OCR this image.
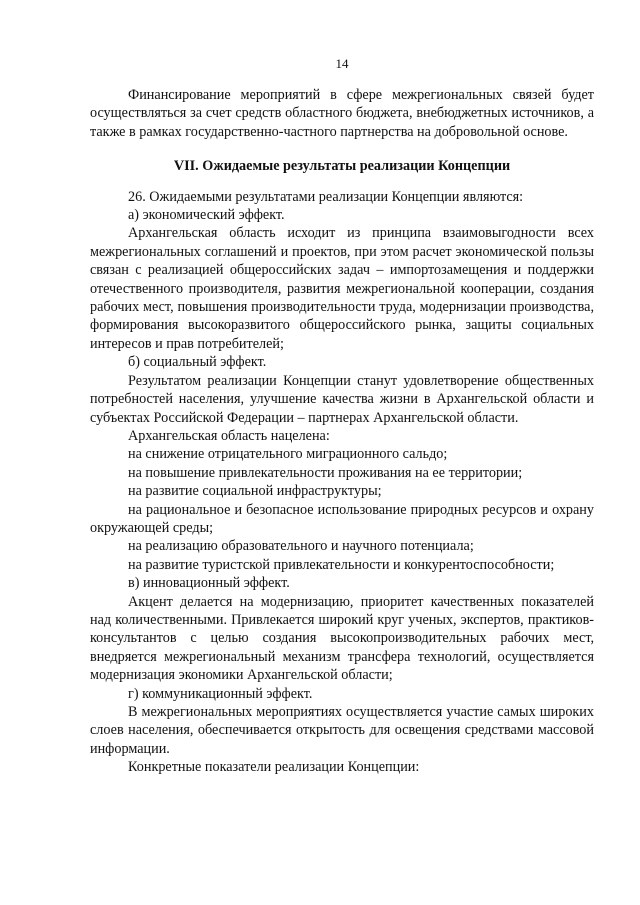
14

Финансирование мероприятий в сфере межрегиональных связей будет осуществляться за счет средств областного бюджета, внебюджетных источников, а также в рамках государственно-частного партнерства на добровольной основе.

VII. Ожидаемые результаты реализации Концепции

26. Ожидаемыми результатами реализации Концепции являются:

а) экономический эффект.

Архангельская область исходит из принципа взаимовыгодности всех межрегиональных соглашений и проектов, при этом расчет экономической пользы связан с реализацией общероссийских задач – импортозамещения и поддержки отечественного производителя, развития межрегиональной кооперации, создания рабочих мест, повышения производительности труда, модернизации производства, формирования высокоразвитого общероссийского рынка, защиты социальных интересов и прав потребителей;

б) социальный эффект.

Результатом реализации Концепции станут удовлетворение общественных потребностей населения, улучшение качества жизни в Архангельской области и субъектах Российской Федерации – партнерах Архангельской области.

Архангельская область нацелена:

на снижение отрицательного миграционного сальдо;

на повышение привлекательности проживания на ее территории;

на развитие социальной инфраструктуры;

на рациональное и безопасное использование природных ресурсов и охрану окружающей среды;

на реализацию образовательного и научного потенциала;

на развитие туристской привлекательности и конкурентоспособности;

в) инновационный эффект.

Акцент делается на модернизацию, приоритет качественных показателей над количественными. Привлекается широкий круг ученых, экспертов, практиков-консультантов с целью создания высокопроизводительных рабочих мест, внедряется межрегиональный механизм трансфера технологий, осуществляется модернизация экономики Архангельской области;

г) коммуникационный эффект.

В межрегиональных мероприятиях осуществляется участие самых широких слоев населения, обеспечивается открытость для освещения средствами массовой информации.

Конкретные показатели реализации Концепции:
